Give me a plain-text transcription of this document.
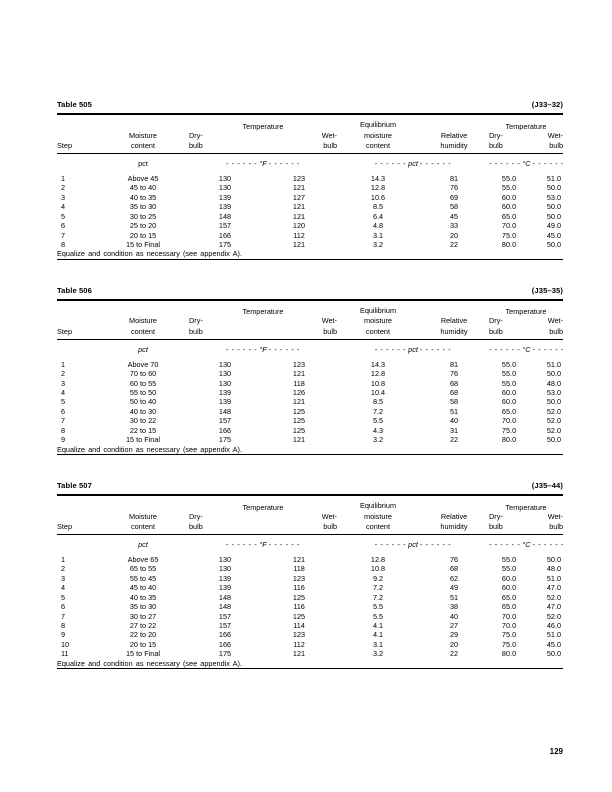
Table 505	(J33–32)

		Temperature		Equilibrium		Temperature	
	Moisture	Dry-	Wet-	moisture	Relative	Dry-	Wet-
Step	content	bulb	bulb	content	humidity	bulb	bulb
	pct	- - - - - - °F - - - - - -		- - - - - - pct - - - - - -		- - - - - - °C - - - - - -	
1	Above 45	130	123	14.3	81	55.0	51.0
2	45 to 40	130	121	12.8	76	55.0	50.0
3	40 to 35	139	127	10.6	69	60.0	53.0
4	35 to 30	139	121	8.5	58	60.0	50.0
5	30 to 25	148	121	6.4	45	65.0	50.0
6	25 to 20	157	120	4.8	33	70.0	49.0
7	20 to 15	166	112	3.1	20	75.0	45.0
8	15 to Final	175	121	3.2	22	80.0	50.0
Equalize and condition as necessary (see appendix A).							
Table 506	(J35–35)

		Temperature		Equilibrium		Temperature	
	Moisture	Dry-	Wet-	moisture	Relative	Dry-	Wet-
Step	content	bulb	bulb	content	humidity	bulb	bulb
	pct	- - - - - - °F - - - - - -		- - - - - - pct - - - - - -		- - - - - - °C - - - - - -	
1	Above 70	130	123	14.3	81	55.0	51.0
2	70 to 60	130	121	12.8	76	55.0	50.0
3	60 to 55	130	118	10.8	68	55.0	48.0
4	55 to 50	139	126	10.4	68	60.0	53.0
5	50 to 40	139	121	8.5	58	60.0	50.0
6	40 to 30	148	125	7.2	51	65.0	52.0
7	30 to 22	157	125	5.5	40	70.0	52.0
8	22 to 15	166	125	4.3	31	75.0	52.0
9	15 to Final	175	121	3.2	22	80.0	50.0
Equalize and condition as necessary (see appendix A).							
Table 507	(J35–44)

		Temperature		Equilibrium		Temperature	
	Moisture	Dry-	Wet-	moisture	Relative	Dry-	Wet-
Step	content	bulb	bulb	content	humidity	bulb	bulb
	pct	- - - - - - °F - - - - - -		- - - - - - pct - - - - - -		- - - - - - °C - - - - - -	
1	Above 65	130	121	12.8	76	55.0	50.0
2	65 to 55	130	118	10.8	68	55.0	48.0
3	55 to 45	139	123	9.2	62	60.0	51.0
4	45 to 40	139	116	7.2	49	60.0	47.0
5	40 to 35	148	125	7.2	51	65.0	52.0
6	35 to 30	148	116	5.5	38	65.0	47.0
7	30 to 27	157	125	5.5	40	70.0	52.0
8	27 to 22	157	114	4.1	27	70.0	46.0
9	22 to 20	166	123	4.1	29	75.0	51.0
10	20 to 15	166	112	3.1	20	75.0	45.0
11	15 to Final	175	121	3.2	22	80.0	50.0
Equalize and condition as necessary (see appendix A).							
129
